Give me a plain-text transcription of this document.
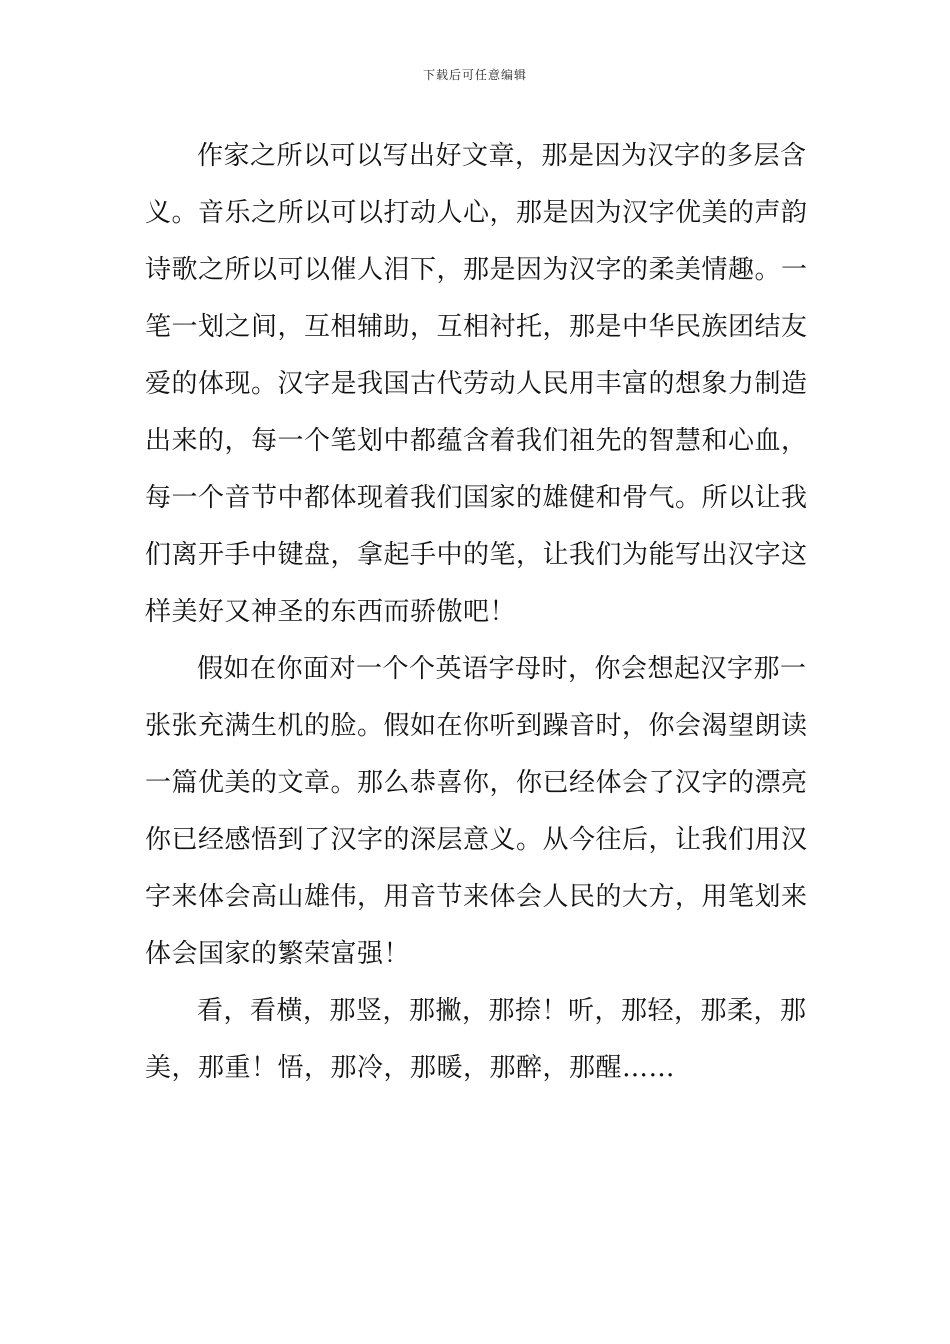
下载后可任意编辑
作家之所以可以写出好文章，那是因为汉字的多层含
义。音乐之所以可以打动人心，那是因为汉字优美的声韵
诗歌之所以可以催人泪下，那是因为汉字的柔美情趣。一
笔一划之间，互相辅助，互相衬托，那是中华民族团结友
爱的体现。汉字是我国古代劳动人民用丰富的想象力制造
出来的，每一个笔划中都蕴含着我们祖先的智慧和心血，
每一个音节中都体现着我们国家的雄健和骨气。所以让我
们离开手中键盘，拿起手中的笔，让我们为能写出汉字这
样美好又神圣的东西而骄傲吧！
假如在你面对一个个英语字母时，你会想起汉字那一
张张充满生机的脸。假如在你听到躁音时，你会渴望朗读
一篇优美的文章。那么恭喜你，你已经体会了汉字的漂亮
你已经感悟到了汉字的深层意义。从今往后，让我们用汉
字来体会高山雄伟，用音节来体会人民的大方，用笔划来
体会国家的繁荣富强！
看，看横，那竖，那撇，那捺！听，那轻，那柔，那
美，那重！悟，那冷，那暖，那醉，那醒……
